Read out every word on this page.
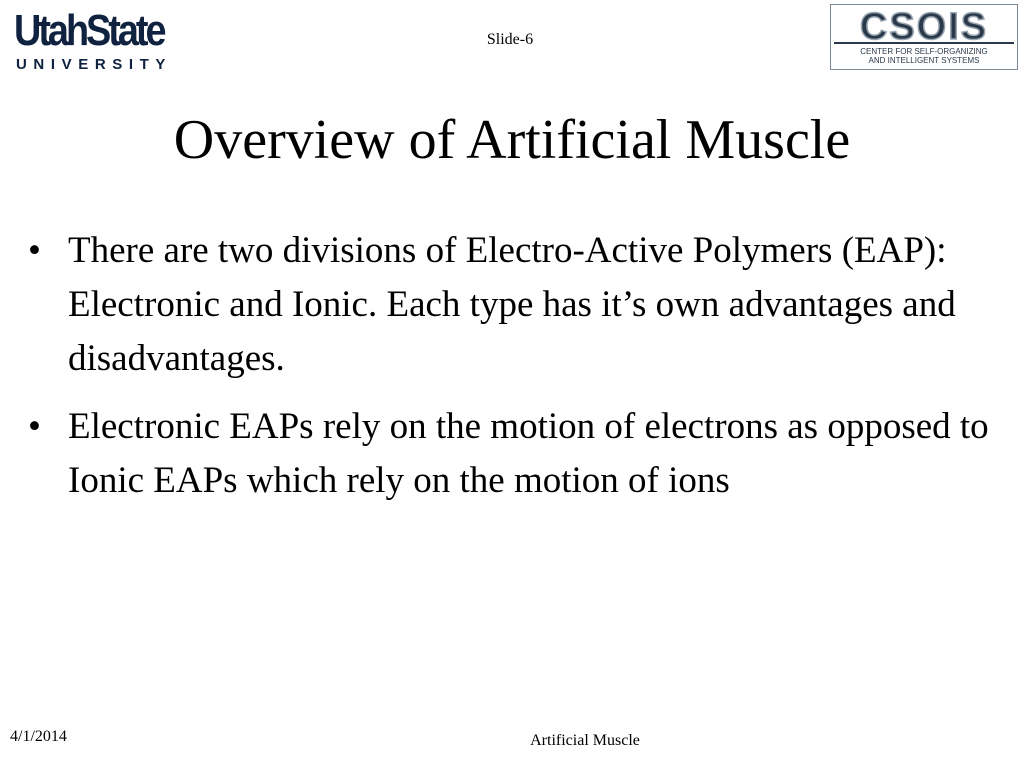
UtahState
UNIVERSITY
Slide-6	CSOIS
CENTER FOR SELF-ORGANIZING
AND INTELLIGENT SYSTEMS
Overview of Artificial Muscle
• There are two divisions of Electro-Active Polymers (EAP): Electronic and Ionic. Each type has it’s own advantages and disadvantages.
• Electronic EAPs rely on the motion of electrons as opposed to Ionic EAPs which rely on the motion of ions
4/1/2014	Artificial Muscle
